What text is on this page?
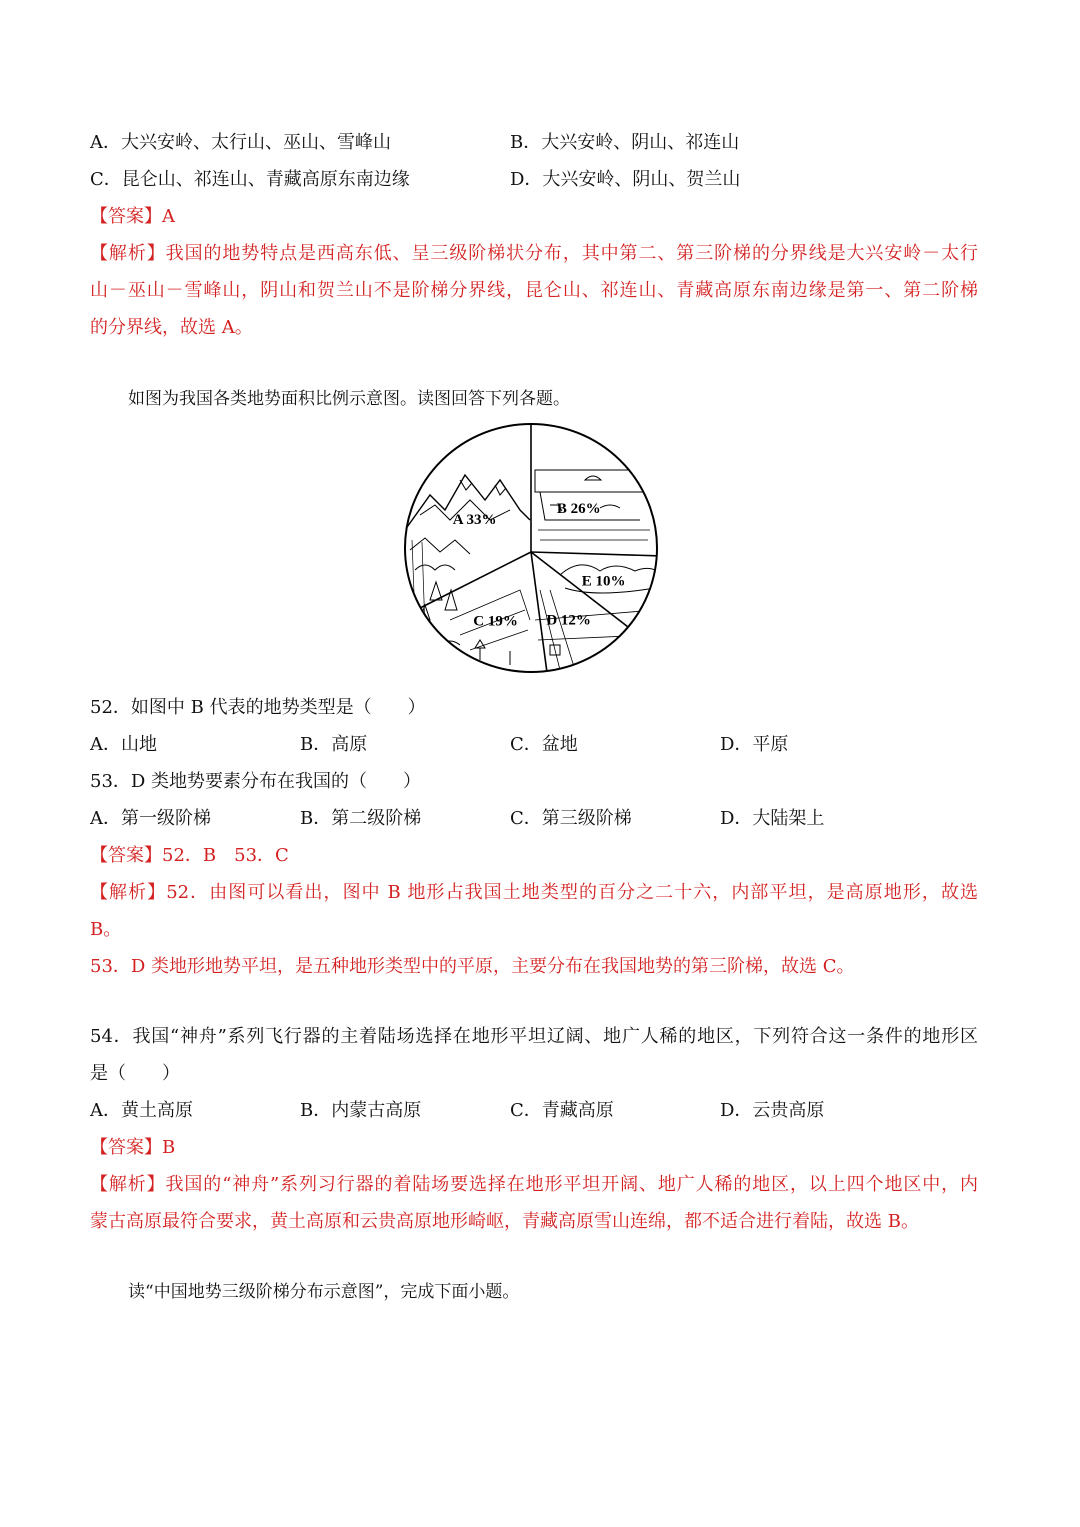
A．大兴安岭、太行山、巫山、雪峰山	B．大兴安岭、阴山、祁连山
C．昆仑山、祁连山、青藏高原东南边缘	D．大兴安岭、阴山、贺兰山
【答案】A
【解析】我国的地势特点是西高东低、呈三级阶梯状分布，其中第二、第三阶梯的分界线是大兴安岭－太行
山－巫山－雪峰山，阴山和贺兰山不是阶梯分界线，昆仑山、祁连山、青藏高原东南边缘是第一、第二阶梯
的分界线，故选 A。
如图为我国各类地势面积比例示意图。读图回答下列各题。
B 26%
E 10%
D 12%
C 19%
A 33%
52．如图中 B 代表的地势类型是（　　）
A．山地	B．高原	C．盆地	D．平原
53．D 类地势要素分布在我国的（　　）
A．第一级阶梯	B．第二级阶梯	C．第三级阶梯	D．大陆架上
【答案】52．B　53．C
【解析】52．由图可以看出，图中 B 地形占我国土地类型的百分之二十六，内部平坦，是高原地形，故选
B。
53．D 类地形地势平坦，是五种地形类型中的平原，主要分布在我国地势的第三阶梯，故选 C。
54．我国“神舟”系列飞行器的主着陆场选择在地形平坦辽阔、地广人稀的地区，下列符合这一条件的地形区
是（　　）
A．黄土高原	B．内蒙古高原	C．青藏高原	D．云贵高原
【答案】B
【解析】我国的“神舟”系列习行器的着陆场要选择在地形平坦开阔、地广人稀的地区，以上四个地区中，内
蒙古高原最符合要求，黄土高原和云贵高原地形崎岖，青藏高原雪山连绵，都不适合进行着陆，故选 B。
读“中国地势三级阶梯分布示意图”，完成下面小题。
